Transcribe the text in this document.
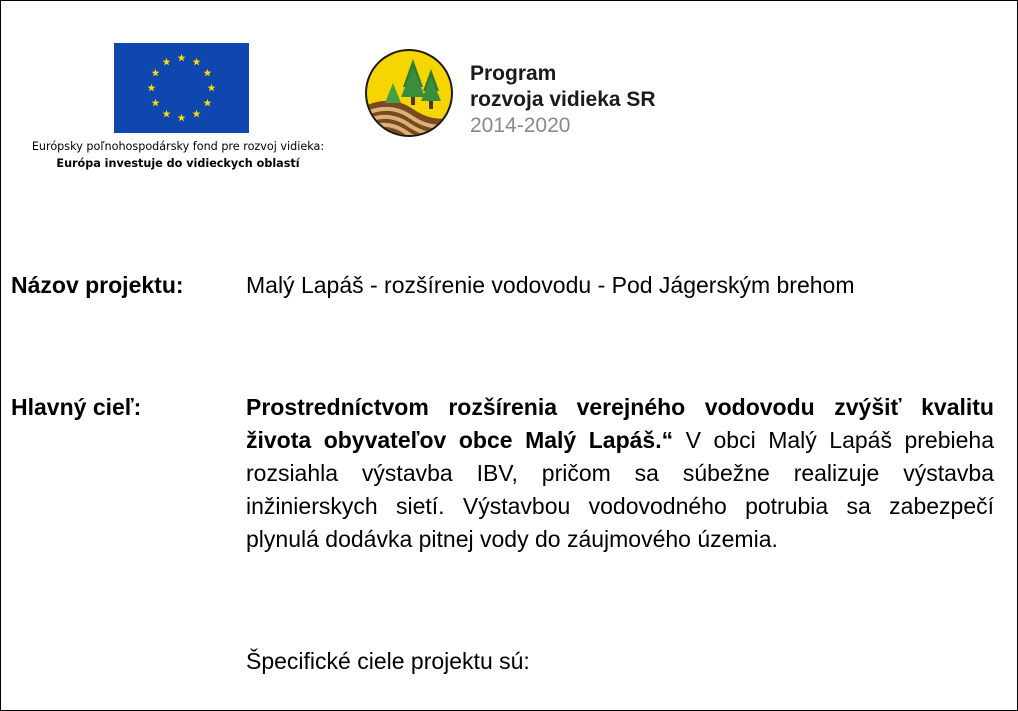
Európsky poľnohospodársky fond pre rozvoj vidieka:
Európa investuje do vidieckych oblastí
Program
rozvoja vidieka SR
2014-2020
Názov projektu:	Malý Lapáš - rozšírenie vodovodu - Pod Jágerským brehom
Hlavný cieľ:	Prostredníctvom rozšírenia verejného vodovodu zvýšiť kvalitu života obyvateľov obce Malý Lapáš.“ V obci Malý Lapáš prebieha rozsiahla výstavba IBV, pričom sa súbežne realizuje výstavba inžinierskych sietí. Výstavbou vodovodného potrubia sa zabezpečí plynulá dodávka pitnej vody do záujmového územia.
Špecifické ciele projektu sú:
